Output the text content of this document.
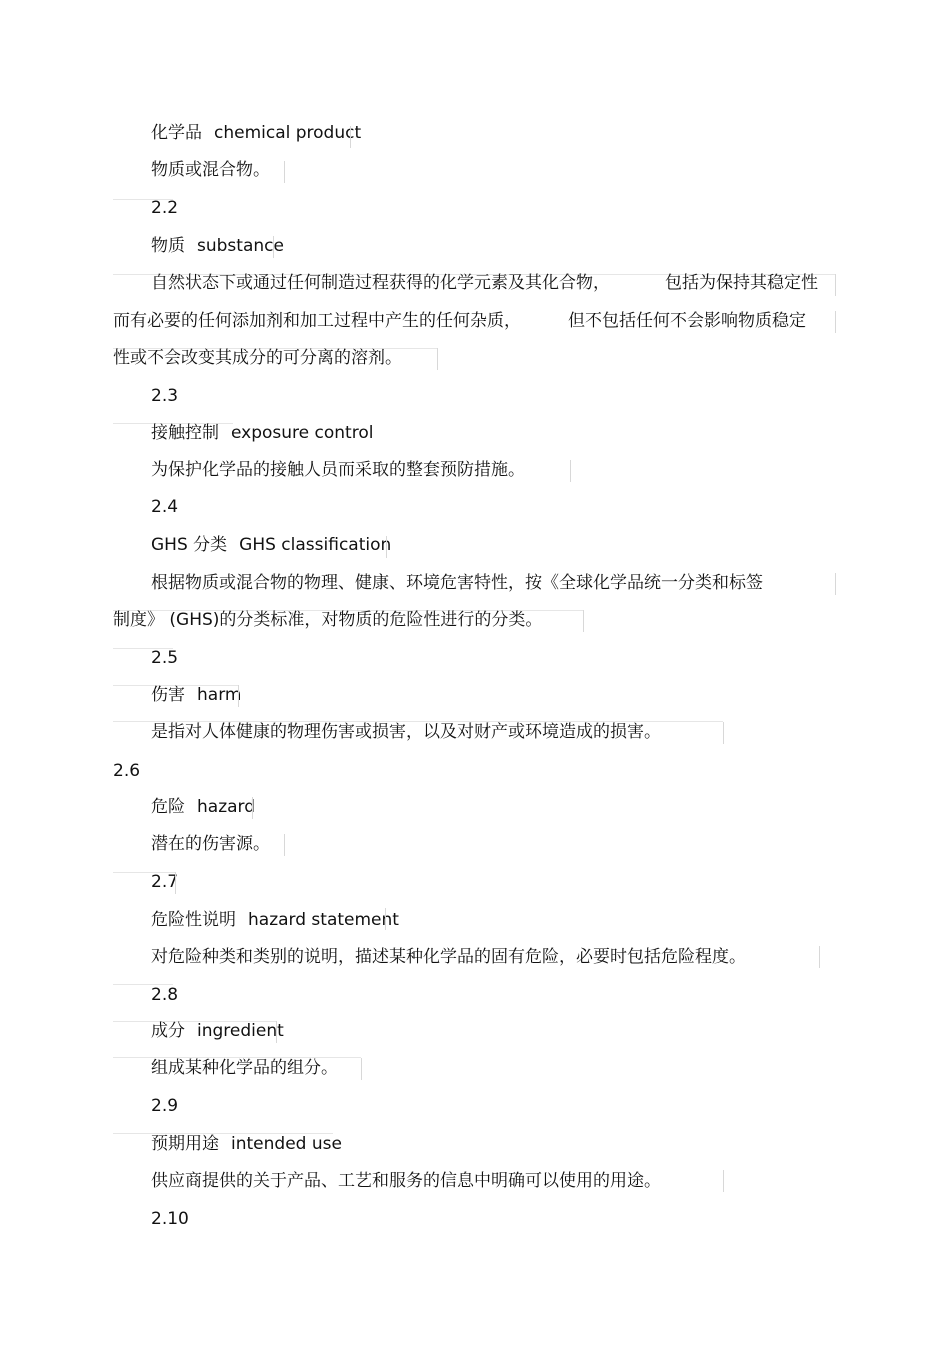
化学品 chemical product
物质或混合物。
2.2
物质 substance
自然状态下或通过任何制造过程获得的化学元素及其化合物，	包括为保持其稳定性
而有必要的任何添加剂和加工过程中产生的任何杂质，	但不包括任何不会影响物质稳定
性或不会改变其成分的可分离的溶剂。
2.3
接触控制 exposure control
为保护化学品的接触人员而采取的整套预防措施。
2.4
GHS 分类 GHS classification
根据物质或混合物的物理、健康、环境危害特性，按《全球化学品统一分类和标签
制度》 (GHS)的分类标准，对物质的危险性进行的分类。
2.5
伤害 harm
是指对人体健康的物理伤害或损害，以及对财产或环境造成的损害。
2.6
危险 hazard
潜在的伤害源。
2.7
危险性说明 hazard statement
对危险种类和类别的说明，描述某种化学品的固有危险，必要时包括危险程度。
2.8
成分 ingredient
组成某种化学品的组分。
2.9
预期用途 intended use
供应商提供的关于产品、工艺和服务的信息中明确可以使用的用途。
2.10
